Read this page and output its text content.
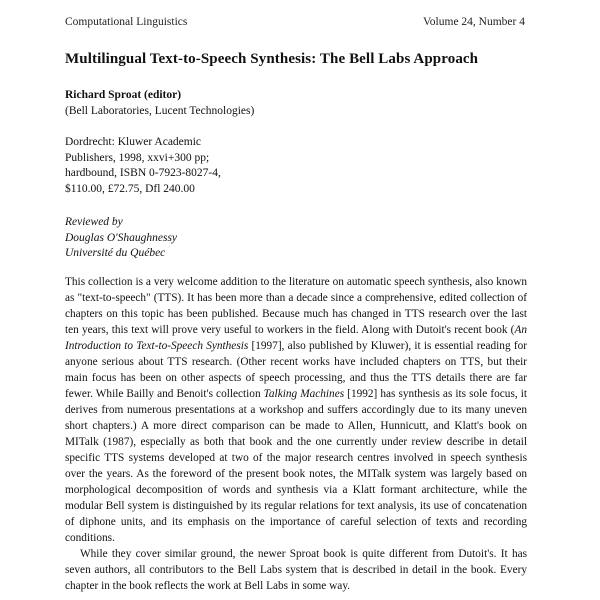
Computational Linguistics	Volume 24, Number 4
Multilingual Text-to-Speech Synthesis: The Bell Labs Approach
Richard Sproat (editor)
(Bell Laboratories, Lucent Technologies)
Dordrecht: Kluwer Academic
Publishers, 1998, xxvi+300 pp;
hardbound, ISBN 0-7923-8027-4,
$110.00, £72.75, Dfl 240.00
Reviewed by
Douglas O'Shaughnessy
Université du Québec

This collection is a very welcome addition to the literature on automatic speech synthesis, also known as "text-to-speech" (TTS). It has been more than a decade since a comprehensive, edited collection of chapters on this topic has been published. Because much has changed in TTS research over the last ten years, this text will prove very useful to workers in the field. Along with Dutoit's recent book (An Introduction to Text-to-Speech Synthesis [1997], also published by Kluwer), it is essential reading for anyone serious about TTS research. (Other recent works have included chapters on TTS, but their main focus has been on other aspects of speech processing, and thus the TTS details there are far fewer. While Bailly and Benoit's collection Talking Machines [1992] has synthesis as its sole focus, it derives from numerous presentations at a workshop and suffers accordingly due to its many uneven short chapters.) A more direct comparison can be made to Allen, Hunnicutt, and Klatt's book on MITalk (1987), especially as both that book and the one currently under review describe in detail specific TTS systems developed at two of the major research centres involved in speech synthesis over the years. As the foreword of the present book notes, the MITalk system was largely based on morphological decomposition of words and synthesis via a Klatt formant architecture, while the modular Bell system is distinguished by its regular relations for text analysis, its use of concatenation of diphone units, and its emphasis on the importance of careful selection of texts and recording conditions.

While they cover similar ground, the newer Sproat book is quite different from Dutoit's. It has seven authors, all contributors to the Bell Labs system that is described in detail in the book. Every chapter in the book reflects the work at Bell Labs in some way.
